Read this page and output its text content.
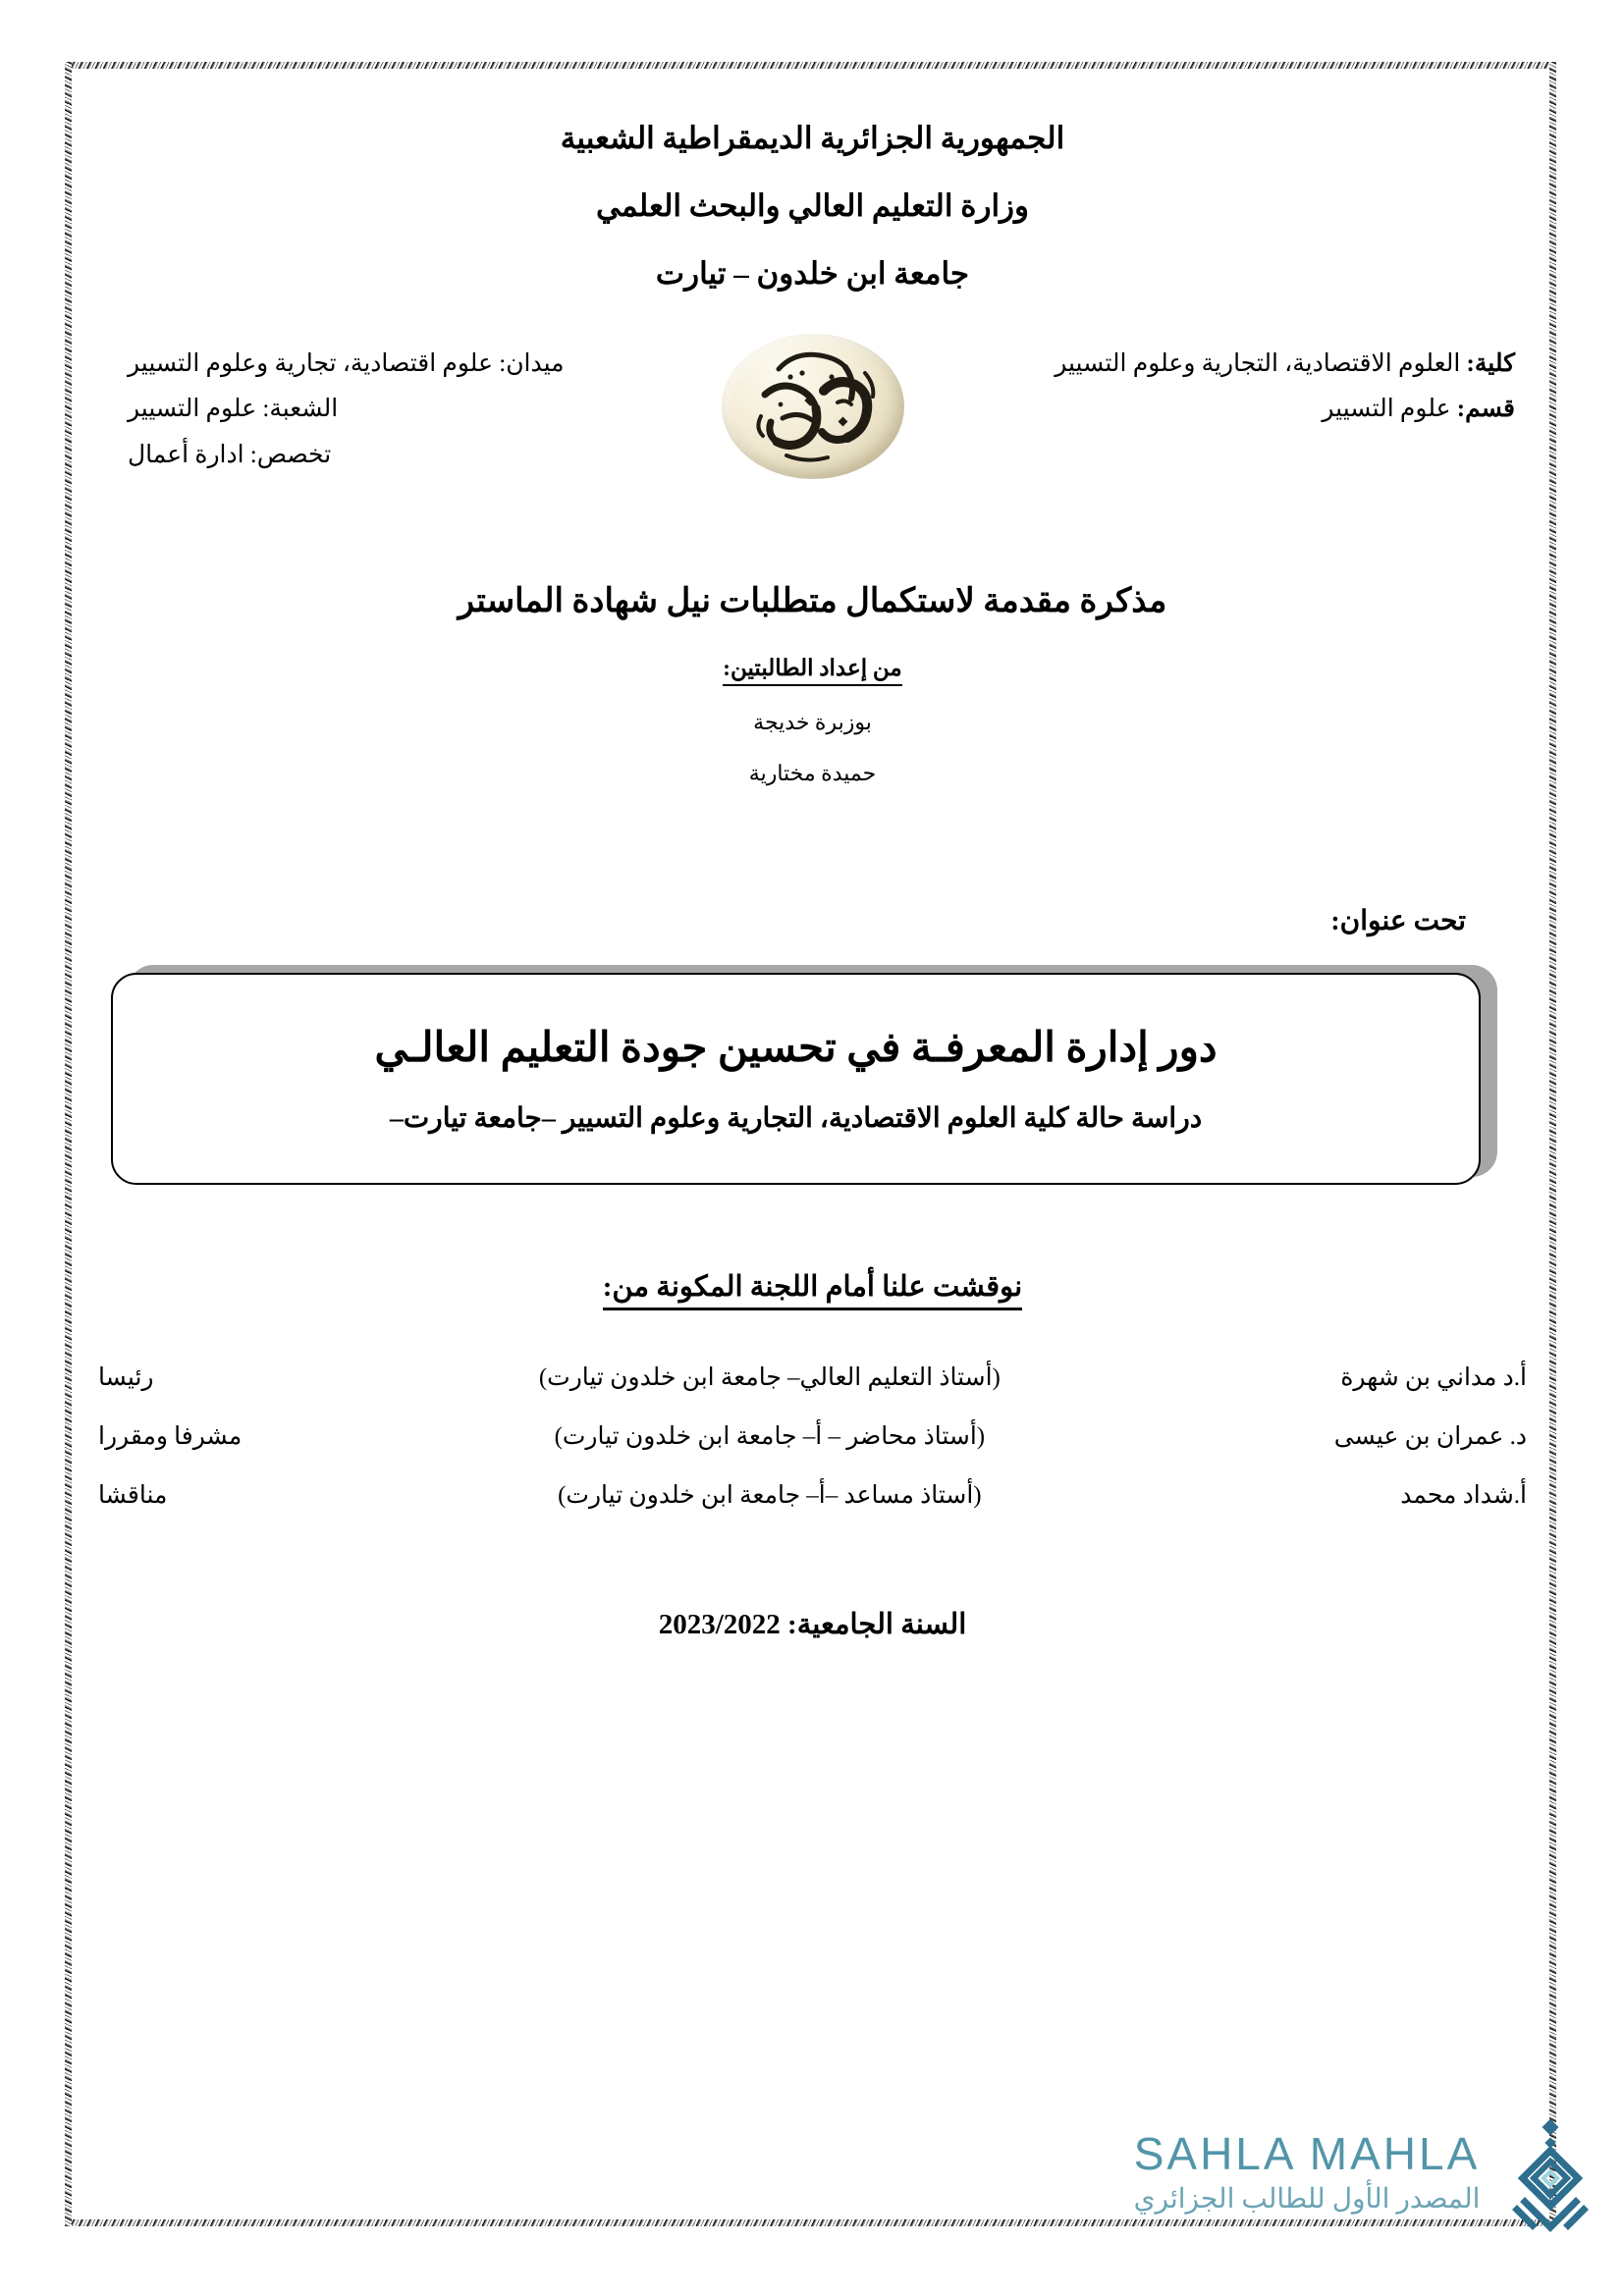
الجمهورية الجزائرية الديمقراطية الشعبية
وزارة التعليم العالي والبحث العلمي
جامعة ابن خلدون – تيارت
كلية: العلوم الاقتصادية، التجارية وعلوم التسيير
قسم: علوم التسيير
ميدان: علوم اقتصادية، تجارية وعلوم التسيير
الشعبة: علوم التسيير
تخصص: ادارة أعمال
مذكرة مقدمة لاستكمال متطلبات نيل شهادة الماستر
من إعداد الطالبتين:
بوزبرة خديجة
حميدة مختارية
تحت عنوان:
دور إدارة المعرفـة في تحسين جودة التعليم العالـي
دراسة حالة كلية العلوم الاقتصادية، التجارية وعلوم التسيير –جامعة تيارت–
نوقشت علنا أمام اللجنة المكونة من:
أ.د مداني بن شهرة	(أستاذ التعليم العالي– جامعة ابن خلدون تيارت)	رئيسا
د. عمران بن عيسى	(أستاذ محاضر – أ– جامعة ابن خلدون تيارت)	مشرفا ومقررا
أ.شداد محمد	(أستاذ مساعد –أ– جامعة ابن خلدون تيارت)	مناقشا
السنة الجامعية: 2023/2022
SAHLA MAHLA
المصدر الأول للطالب الجزائري
